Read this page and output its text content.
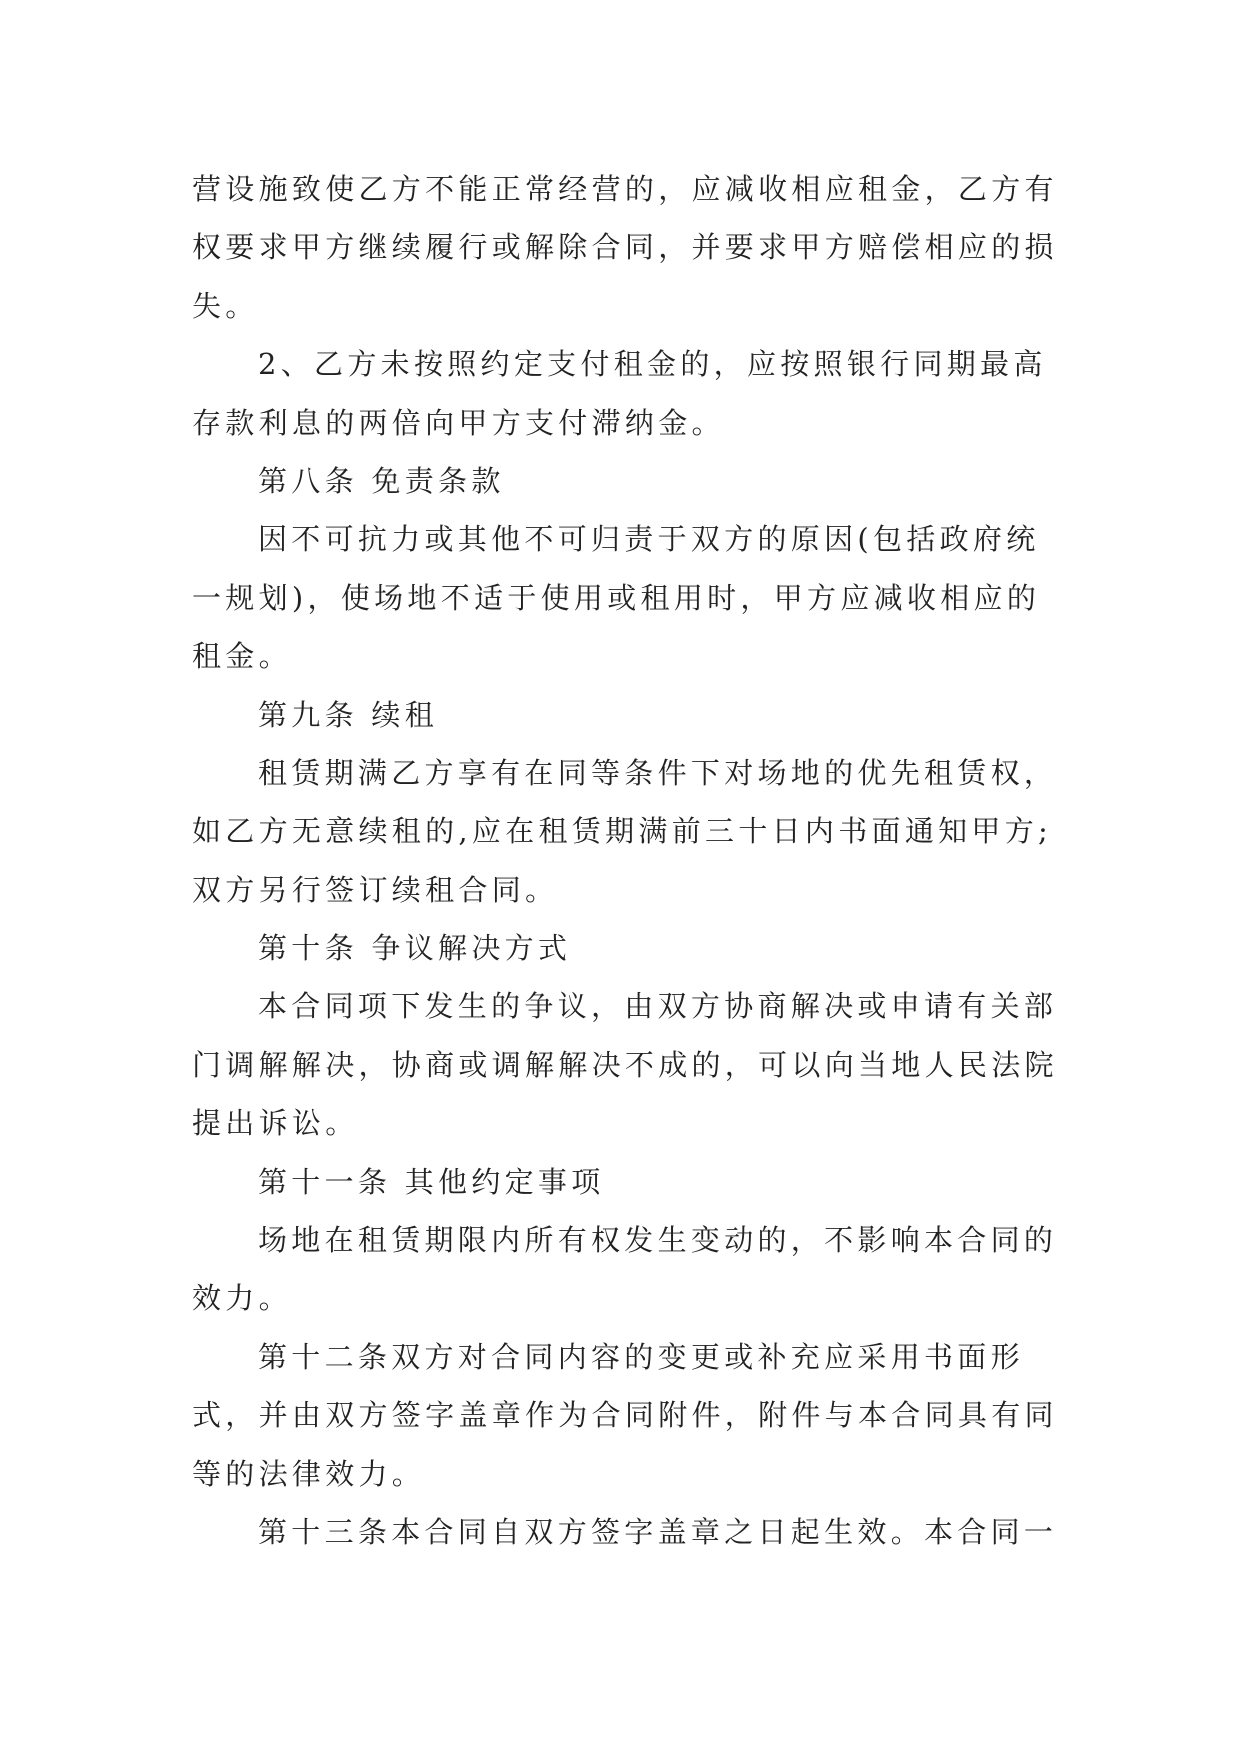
营设施致使乙方不能正常经营的，应减收相应租金，乙方有
权要求甲方继续履行或解除合同，并要求甲方赔偿相应的损
失。
2、乙方未按照约定支付租金的，应按照银行同期最高
存款利息的两倍向甲方支付滞纳金。
第八条 免责条款
因不可抗力或其他不可归责于双方的原因(包括政府统
一规划)，使场地不适于使用或租用时，甲方应减收相应的
租金。
第九条 续租
租赁期满乙方享有在同等条件下对场地的优先租赁权，
如乙方无意续租的,应在租赁期满前三十日内书面通知甲方;
双方另行签订续租合同。
第十条 争议解决方式
本合同项下发生的争议，由双方协商解决或申请有关部
门调解解决，协商或调解解决不成的，可以向当地人民法院
提出诉讼。
第十一条 其他约定事项
场地在租赁期限内所有权发生变动的，不影响本合同的
效力。
第十二条双方对合同内容的变更或补充应采用书面形
式，并由双方签字盖章作为合同附件，附件与本合同具有同
等的法律效力。
第十三条本合同自双方签字盖章之日起生效。本合同一
